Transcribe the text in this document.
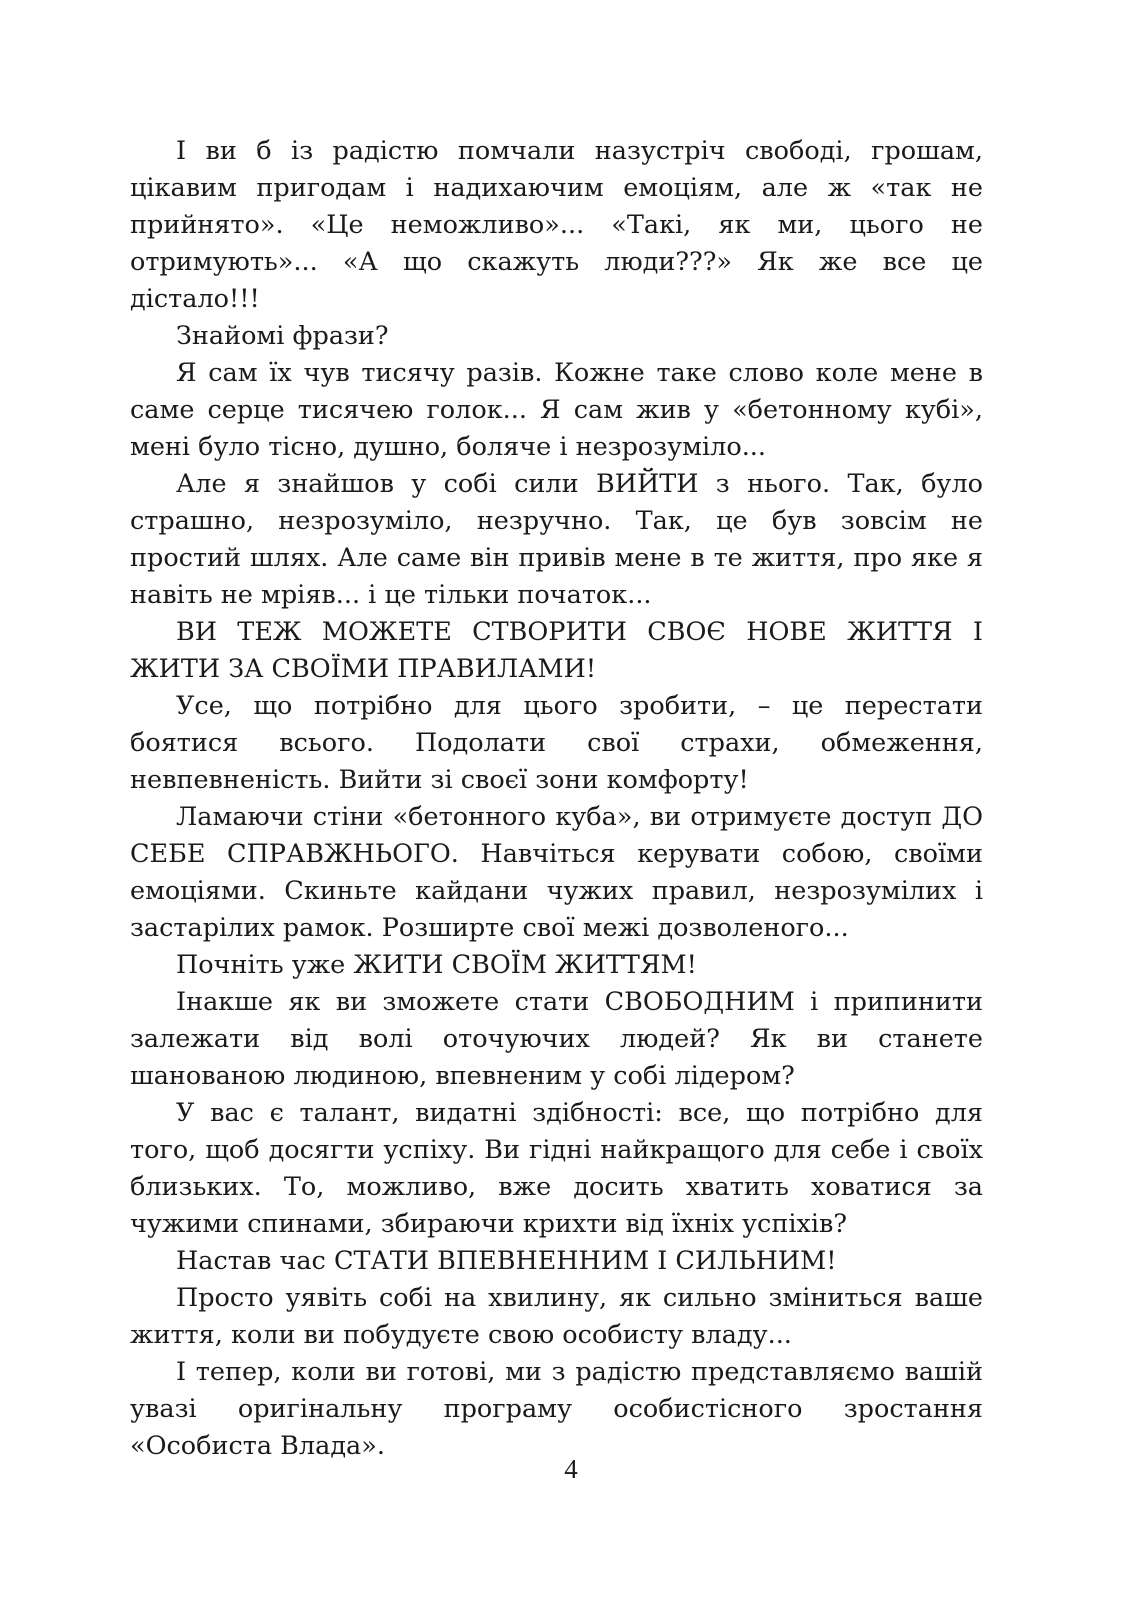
І ви б із радістю помчали назустріч свободі, грошам, цікавим пригодам і надихаючим емоціям, але ж «так не прийнято». «Це неможливо»... «Такі, як ми, цього не отримують»... «А що скажуть люди???» Як же все це дістало!!!

Знайомі фрази?

Я сам їх чув тисячу разів. Кожне таке слово коле мене в саме серце тисячею голок... Я сам жив у «бетонному кубі», мені було тісно, душно, боляче і незрозуміло...

Але я знайшов у собі сили ВИЙТИ з нього. Так, було страшно, незрозуміло, незручно. Так, це був зовсім не простий шлях. Але саме він привів мене в те життя, про яке я навіть не мріяв... і це тільки початок...

ВИ ТЕЖ МОЖЕТЕ СТВОРИТИ СВОЄ НОВЕ ЖИТТЯ І ЖИТИ ЗА СВОЇМИ ПРАВИЛАМИ!

Усе, що потрібно для цього зробити, – це перестати боятися всього. Подолати свої страхи, обмеження, невпевненість. Вийти зі своєї зони комфорту!

Ламаючи стіни «бетонного куба», ви отримуєте доступ ДО СЕБЕ СПРАВЖНЬОГО. Навчіться керувати собою, своїми емоціями. Скиньте кайдани чужих правил, незрозумілих і застарілих рамок. Розширте свої межі дозволеного...

Почніть уже ЖИТИ СВОЇМ ЖИТТЯМ!

Інакше як ви зможете стати СВОБОДНИМ і припинити залежати від волі оточуючих людей? Як ви станете шанованою людиною, впевненим у собі лідером?

У вас є талант, видатні здібності: все, що потрібно для того, щоб досягти успіху. Ви гідні найкращого для себе і своїх близьких. То, можливо, вже досить хватить ховатися за чужими спинами, збираючи крихти від їхніх успіхів?

Настав час СТАТИ ВПЕВНЕННИМ І СИЛЬНИМ!

Просто уявіть собі на хвилину, як сильно зміниться ваше життя, коли ви побудуєте свою особисту владу...

І тепер, коли ви готові, ми з радістю представляємо вашій увазі оригінальну програму особистісного зростання «Особиста Влада».

4
